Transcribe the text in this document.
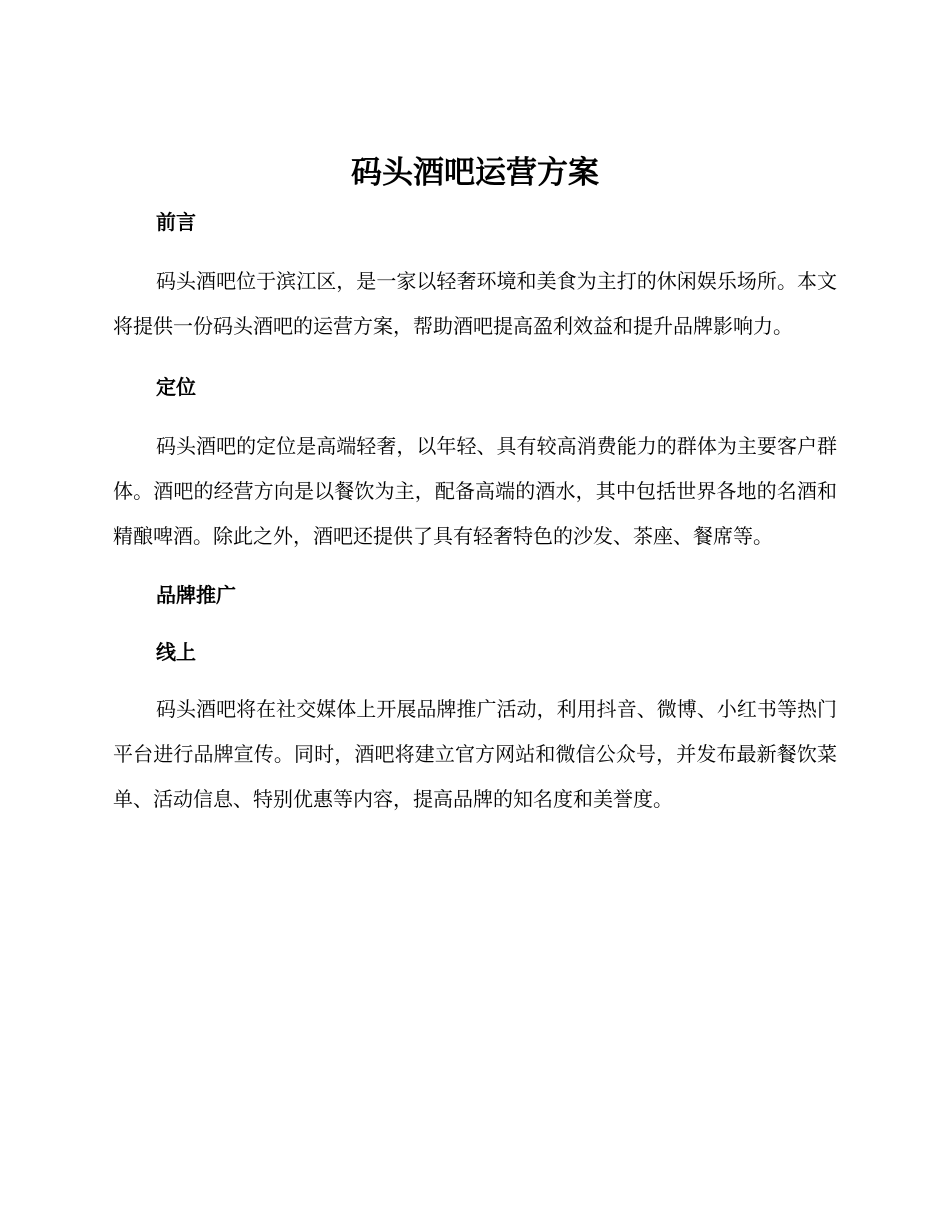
码头酒吧运营方案
前言

码头酒吧位于滨江区，是一家以轻奢环境和美食为主打的休闲娱乐场所。本文将提供一份码头酒吧的运营方案，帮助酒吧提高盈利效益和提升品牌影响力。

定位

码头酒吧的定位是高端轻奢，以年轻、具有较高消费能力的群体为主要客户群体。酒吧的经营方向是以餐饮为主，配备高端的酒水，其中包括世界各地的名酒和精酿啤酒。除此之外，酒吧还提供了具有轻奢特色的沙发、茶座、餐席等。

品牌推广
线上

码头酒吧将在社交媒体上开展品牌推广活动，利用抖音、微博、小红书等热门平台进行品牌宣传。同时，酒吧将建立官方网站和微信公众号，并发布最新餐饮菜单、活动信息、特别优惠等内容，提高品牌的知名度和美誉度。
